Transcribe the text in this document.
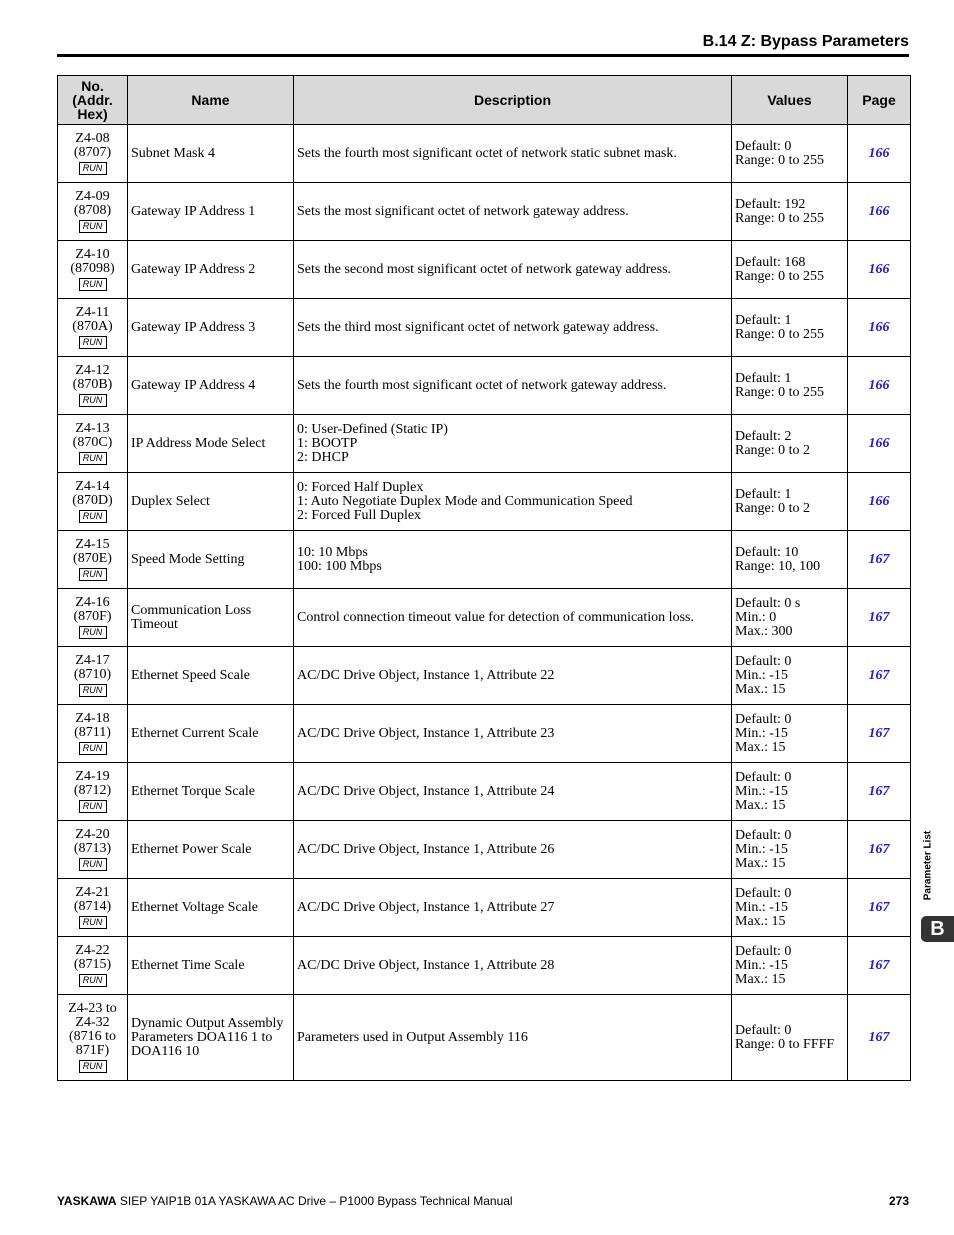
B.14 Z: Bypass Parameters
No.
(Addr.
Hex)	Name	Description	Values	Page

Z4-08
(8707)
RUN	Subnet Mask 4	Sets the fourth most significant octet of network static subnet mask.	Default: 0
Range: 0 to 255	166

Z4-09
(8708)
RUN	Gateway IP Address 1	Sets the most significant octet of network gateway address.	Default: 192
Range: 0 to 255	166

Z4-10
(87098)
RUN	Gateway IP Address 2	Sets the second most significant octet of network gateway address.	Default: 168
Range: 0 to 255	166

Z4-11
(870A)
RUN	Gateway IP Address 3	Sets the third most significant octet of network gateway address.	Default: 1
Range: 0 to 255	166

Z4-12
(870B)
RUN	Gateway IP Address 4	Sets the fourth most significant octet of network gateway address.	Default: 1
Range: 0 to 255	166

Z4-13
(870C)
RUN	IP Address Mode Select	0: User-Defined (Static IP)
1: BOOTP
2: DHCP	Default: 2
Range: 0 to 2	166

Z4-14
(870D)
RUN	Duplex Select	0: Forced Half Duplex
1: Auto Negotiate Duplex Mode and Communication Speed
2: Forced Full Duplex	Default: 1
Range: 0 to 2	166

Z4-15
(870E)
RUN	Speed Mode Setting	10: 10 Mbps
100: 100 Mbps	Default: 10
Range: 10, 100	167

Z4-16
(870F)
RUN	Communication Loss
Timeout	Control connection timeout value for detection of communication loss.	Default: 0 s
Min.: 0
Max.: 300	167

Z4-17
(8710)
RUN	Ethernet Speed Scale	AC/DC Drive Object, Instance 1, Attribute 22	Default: 0
Min.: -15
Max.: 15	167

Z4-18
(8711)
RUN	Ethernet Current Scale	AC/DC Drive Object, Instance 1, Attribute 23	Default: 0
Min.: -15
Max.: 15	167

Z4-19
(8712)
RUN	Ethernet Torque Scale	AC/DC Drive Object, Instance 1, Attribute 24	Default: 0
Min.: -15
Max.: 15	167

Z4-20
(8713)
RUN	Ethernet Power Scale	AC/DC Drive Object, Instance 1, Attribute 26	Default: 0
Min.: -15
Max.: 15	167

Z4-21
(8714)
RUN	Ethernet Voltage Scale	AC/DC Drive Object, Instance 1, Attribute 27	Default: 0
Min.: -15
Max.: 15	167

Z4-22
(8715)
RUN	Ethernet Time Scale	AC/DC Drive Object, Instance 1, Attribute 28	Default: 0
Min.: -15
Max.: 15	167

Z4-23 to
Z4-32
(8716 to
871F)
RUN	Dynamic Output Assembly
Parameters DOA116 1 to
DOA116 10	Parameters used in Output Assembly 116	Default: 0
Range: 0 to FFFF	167
Parameter List
B
YASKAWA SIEP YAIP1B 01A YASKAWA AC Drive – P1000 Bypass Technical Manual	273
